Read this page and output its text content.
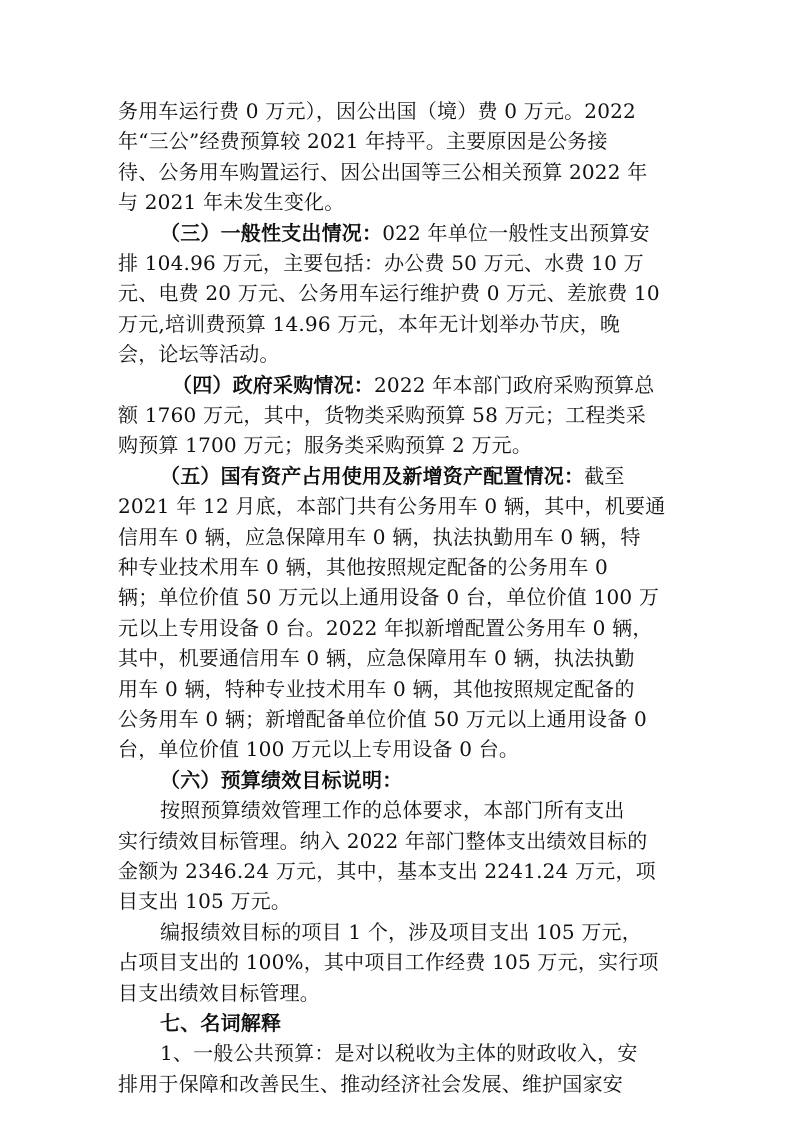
务用车运行费 0 万元），因公出国（境）费 0 万元。2022
年“三公”经费预算较 2021 年持平。主要原因是公务接
待、公务用车购置运行、因公出国等三公相关预算 2022 年
与 2021 年未发生变化。
（三）一般性支出情况：022 年单位一般性支出预算安
排 104.96 万元，主要包括：办公费 50 万元、水费 10 万
元、电费 20 万元、公务用车运行维护费 0 万元、差旅费 10
万元,培训费预算 14.96 万元，本年无计划举办节庆，晚
会，论坛等活动。
（四）政府采购情况：2022 年本部门政府采购预算总
额 1760 万元，其中，货物类采购预算 58 万元；工程类采
购预算 1700 万元；服务类采购预算 2 万元。
（五）国有资产占用使用及新增资产配置情况：截至
2021 年 12 月底，本部门共有公务用车 0 辆，其中，机要通
信用车 0 辆，应急保障用车 0 辆，执法执勤用车 0 辆，特
种专业技术用车 0 辆，其他按照规定配备的公务用车 0
辆；单位价值 50 万元以上通用设备 0 台，单位价值 100 万
元以上专用设备 0 台。2022 年拟新增配置公务用车 0 辆，
其中，机要通信用车 0 辆，应急保障用车 0 辆，执法执勤
用车 0 辆，特种专业技术用车 0 辆，其他按照规定配备的
公务用车 0 辆；新增配备单位价值 50 万元以上通用设备 0
台，单位价值 100 万元以上专用设备 0 台。
（六）预算绩效目标说明：
按照预算绩效管理工作的总体要求，本部门所有支出
实行绩效目标管理。纳入 2022 年部门整体支出绩效目标的
金额为 2346.24 万元，其中，基本支出 2241.24 万元，项
目支出 105 万元。
编报绩效目标的项目 1 个，涉及项目支出 105 万元，
占项目支出的 100%，其中项目工作经费 105 万元，实行项
目支出绩效目标管理。
七、名词解释
1、一般公共预算：是对以税收为主体的财政收入，安
排用于保障和改善民生、推动经济社会发展、维护国家安
